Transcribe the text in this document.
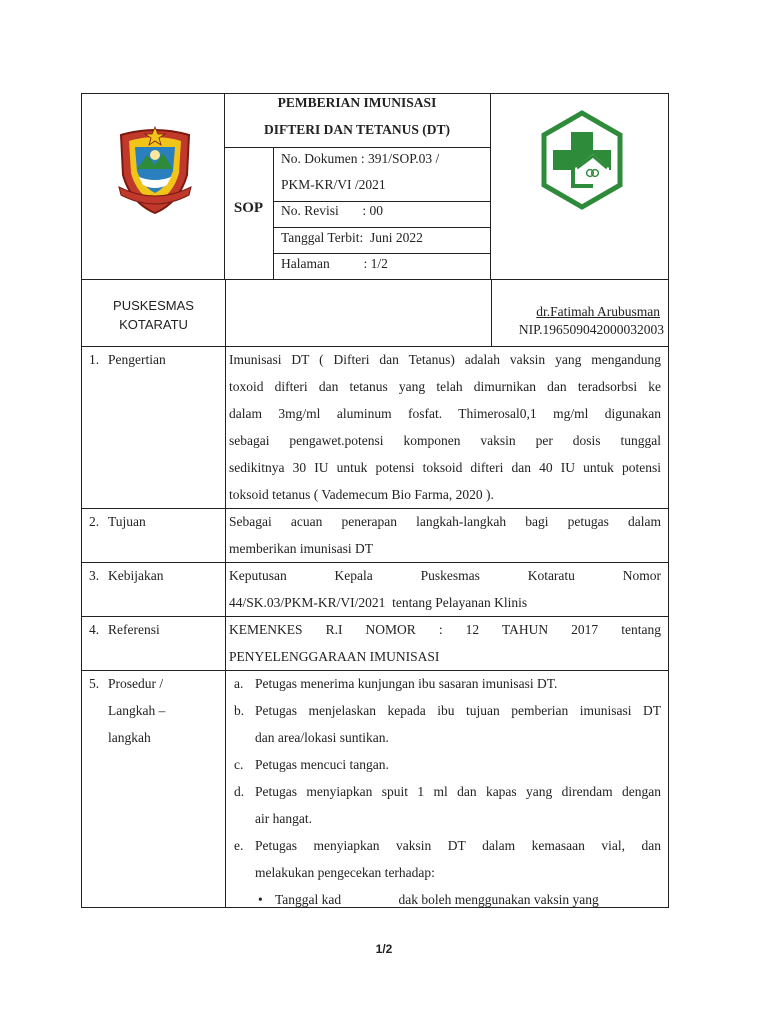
PEMBERIAN IMUNISASI
DIFTERI DAN TETANUS (DT)
SOP
No. Dokumen : 391/SOP.03 /
PKM-KR/VI /2021
No. Revisi       : 00
Tanggal Terbit:  Juni 2022
Halaman          : 1/2
PUSKESMAS
KOTARATU
dr.Fatimah Arubusman
NIP.196509042000032003
1. Pengertian	Imunisasi DT ( Difteri dan Tetanus) adalah vaksin yang mengandung
toxoid difteri dan tetanus yang telah dimurnikan dan teradsorbsi ke
dalam 3mg/ml aluminum fosfat. Thimerosal0,1 mg/ml digunakan
sebagai pengawet.potensi komponen vaksin per dosis tunggal
sedikitnya 30 IU untuk potensi toksoid difteri dan 40 IU untuk potensi
toksoid tetanus ( Vademecum Bio Farma, 2020 ).
2. Tujuan	Sebagai acuan penerapan langkah-langkah bagi petugas dalam
memberikan imunisasi DT
3. Kebijakan	Keputusan Kepala Puskesmas Kotaratu Nomor
44/SK.03/PKM-KR/VI/2021  tentang Pelayanan Klinis
4. Referensi	KEMENKES R.I NOMOR : 12 TAHUN 2017 tentang
PENYELENGGARAAN IMUNISASI
5. Prosedur /
Langkah –
langkah
a. Petugas menerima kunjungan ibu sasaran imunisasi DT.
b. Petugas menjelaskan kepada ibu tujuan pemberian imunisasi DT
dan area/lokasi suntikan.
c. Petugas mencuci tangan.
d. Petugas menyiapkan spuit 1 ml dan kapas yang direndam dengan
air hangat.
e. Petugas menyiapkan vaksin DT dalam kemasaan vial, dan
melakukan pengecekan terhadap:
• Tanggal kad                 dak boleh menggunakan vaksin yang
1/2
